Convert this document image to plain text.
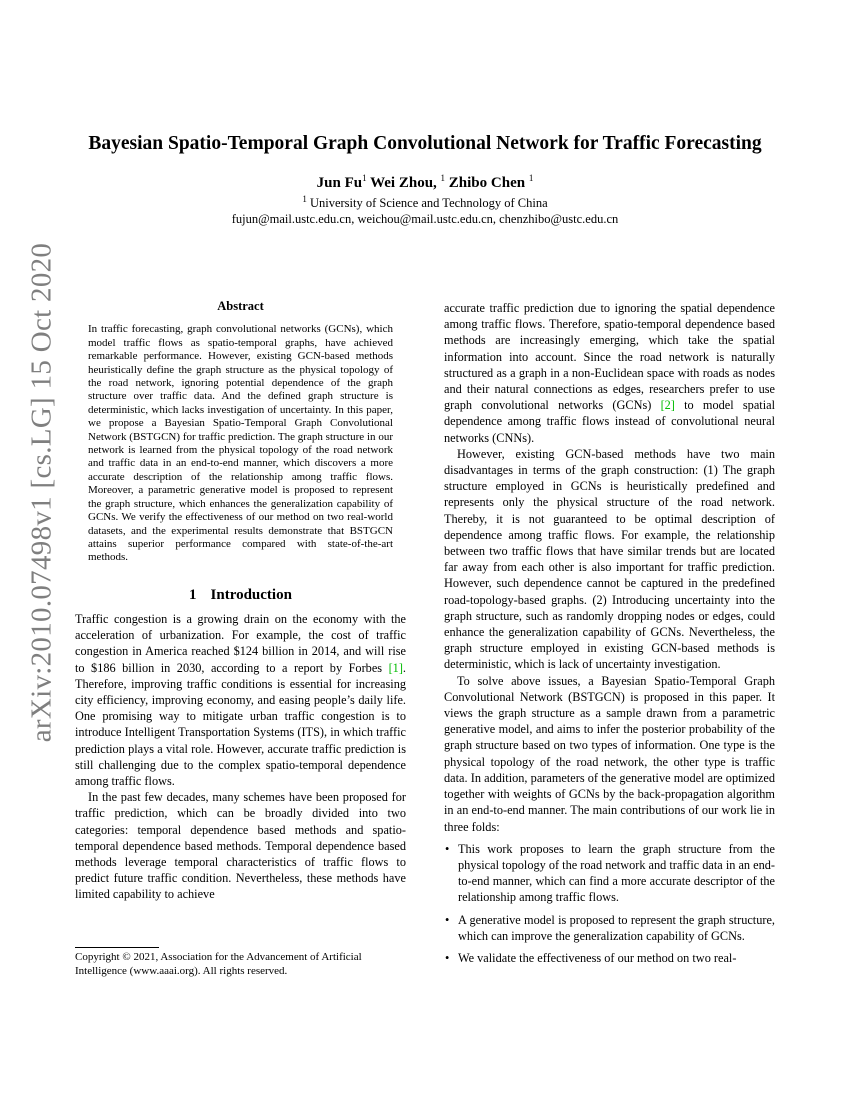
arXiv:2010.07498v1 [cs.LG] 15 Oct 2020
Bayesian Spatio-Temporal Graph Convolutional Network for Traffic Forecasting
Jun Fu$^1$ Wei Zhou, $^1$ Zhibo Chen $^1$
$^1$ University of Science and Technology of China
fujun@mail.ustc.edu.cn, weichou@mail.ustc.edu.cn, chenzhibo@ustc.edu.cn
Abstract

In traffic forecasting, graph convolutional networks (GCNs), which model traffic flows as spatio-temporal graphs, have achieved remarkable performance. However, existing GCN-based methods heuristically define the graph structure as the physical topology of the road network, ignoring potential dependence of the graph structure over traffic data. And the defined graph structure is deterministic, which lacks investigation of uncertainty. In this paper, we propose a Bayesian Spatio-Temporal Graph Convolutional Network (BSTGCN) for traffic prediction. The graph structure in our network is learned from the physical topology of the road network and traffic data in an end-to-end manner, which discovers a more accurate description of the relationship among traffic flows. Moreover, a parametric generative model is proposed to represent the graph structure, which enhances the generalization capability of GCNs. We verify the effectiveness of our method on two real-world datasets, and the experimental results demonstrate that BSTGCN attains superior performance compared with state-of-the-art methods.

1 Introduction

Traffic congestion is a growing drain on the economy with the acceleration of urbanization. For example, the cost of traffic congestion in America reached $124 billion in 2014, and will rise to $186 billion in 2030, according to a report by Forbes [1]. Therefore, improving traffic conditions is essential for increasing city efficiency, improving economy, and easing people’s daily life. One promising way to mitigate urban traffic congestion is to introduce Intelligent Transportation Systems (ITS), in which traffic prediction plays a vital role. However, accurate traffic prediction is still challenging due to the complex spatio-temporal dependence among traffic flows.

In the past few decades, many schemes have been proposed for traffic prediction, which can be broadly divided into two categories: temporal dependence based methods and spatio-temporal dependence based methods. Temporal dependence based methods leverage temporal characteristics of traffic flows to predict future traffic condition. Nevertheless, these methods have limited capability to achieve

accurate traffic prediction due to ignoring the spatial dependence among traffic flows. Therefore, spatio-temporal dependence based methods are increasingly emerging, which take the spatial information into account. Since the road network is naturally structured as a graph in a non-Euclidean space with roads as nodes and their natural connections as edges, researchers prefer to use graph convolutional networks (GCNs) [2] to model spatial dependence among traffic flows instead of convolutional neural networks (CNNs).

However, existing GCN-based methods have two main disadvantages in terms of the graph construction: (1) The graph structure employed in GCNs is heuristically predefined and represents only the physical structure of the road network. Thereby, it is not guaranteed to be optimal description of dependence among traffic flows. For example, the relationship between two traffic flows that have similar trends but are located far away from each other is also important for traffic prediction. However, such dependence cannot be captured in the predefined road-topology-based graphs. (2) Introducing uncertainty into the graph structure, such as randomly dropping nodes or edges, could enhance the generalization capability of GCNs. Nevertheless, the graph structure employed in existing GCN-based methods is deterministic, which is lack of uncertainty investigation.

To solve above issues, a Bayesian Spatio-Temporal Graph Convolutional Network (BSTGCN) is proposed in this paper. It views the graph structure as a sample drawn from a parametric generative model, and aims to infer the posterior probability of the graph structure based on two types of information. One type is the physical topology of the road network, the other type is traffic data. In addition, parameters of the generative model are optimized together with weights of GCNs by the back-propagation algorithm in an end-to-end manner. The main contributions of our work lie in three folds:

• This work proposes to learn the graph structure from the physical topology of the road network and traffic data in an end-to-end manner, which can find a more accurate descriptor of the relationship among traffic flows.
• A generative model is proposed to represent the graph structure, which can improve the generalization capability of GCNs.
• We validate the effectiveness of our method on two real-
Copyright © 2021, Association for the Advancement of Artificial Intelligence (www.aaai.org). All rights reserved.
